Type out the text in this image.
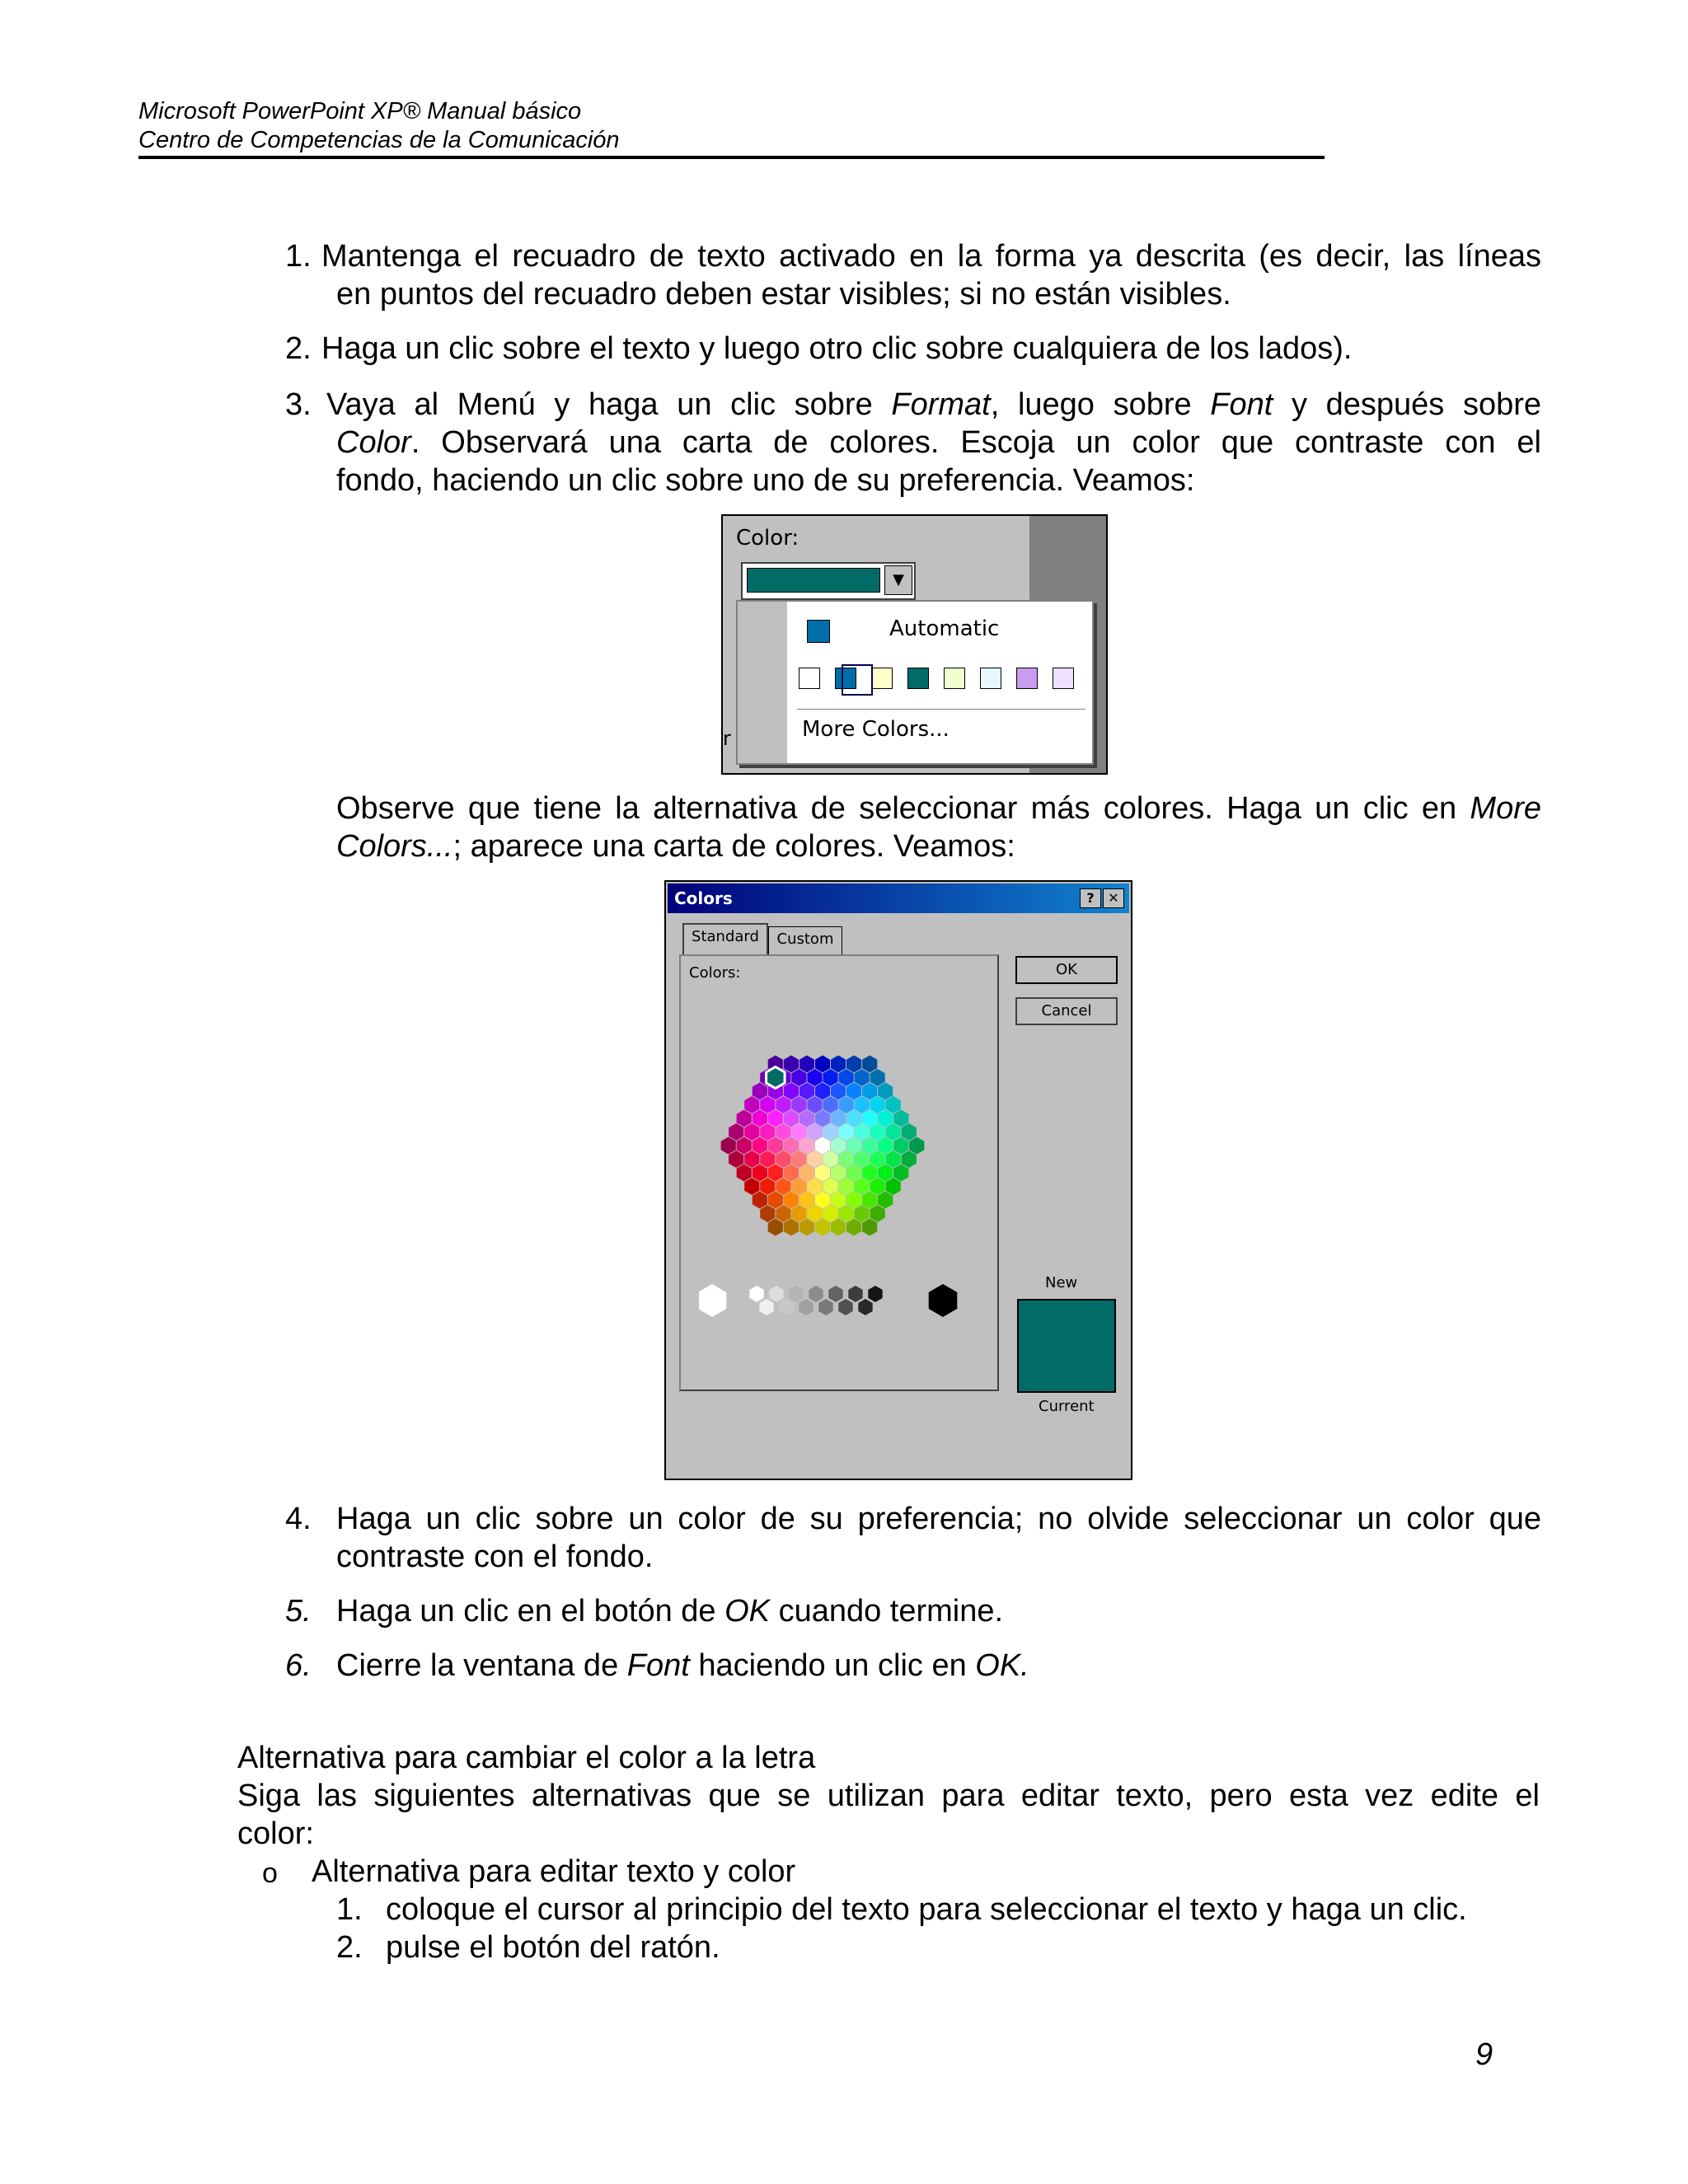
Microsoft PowerPoint XP® Manual básico
Centro de Competencias de la Comunicación
1. Mantenga el recuadro de texto activado en la forma ya descrita (es decir, las líneas
en puntos del recuadro deben estar visibles; si no están visibles.
2. Haga un clic sobre el texto y luego otro clic sobre cualquiera de los lados).
3. Vaya al Menú y haga un clic sobre Format, luego sobre Font y después sobre
Color. Observará una carta de colores. Escoja un color que contraste con el
fondo, haciendo un clic sobre uno de su preferencia. Veamos:
Color:
▼
r
Automatic
More Colors...
Observe que tiene la alternativa de seleccionar más colores. Haga un clic en More
Colors...; aparece una carta de colores. Veamos:
Colors	?	✕
Standard	Custom
Colors:	OK
Cancel
New
Current
4. Haga un clic sobre un color de su preferencia; no olvide seleccionar un color que
contraste con el fondo.
5. Haga un clic en el botón de OK cuando termine.
6. Cierre la ventana de Font haciendo un clic en OK.
Alternativa para cambiar el color a la letra
Siga las siguientes alternativas que se utilizan para editar texto, pero esta vez edite el
color:
o Alternativa para editar texto y color
1. coloque el cursor al principio del texto para seleccionar el texto y haga un clic.
2. pulse el botón del ratón.
9
